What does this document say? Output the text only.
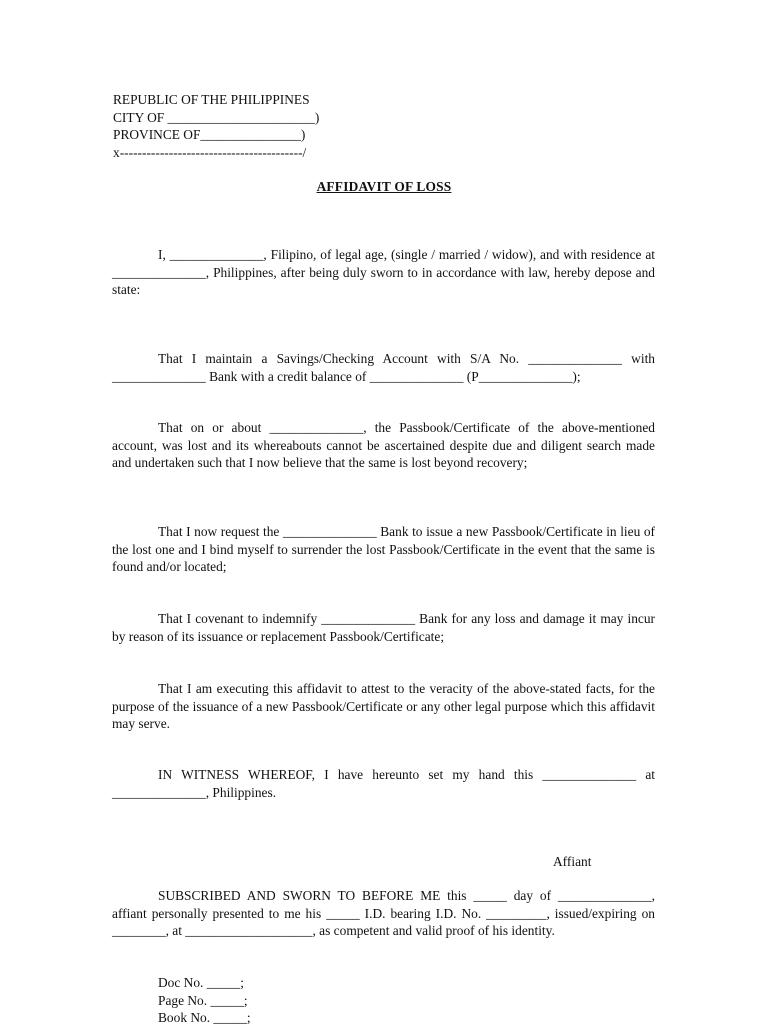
REPUBLIC OF THE PHILIPPINES
CITY OF ______________________)
PROVINCE OF_______________)
x-----------------------------------------/
AFFIDAVIT OF LOSS
I, ______________, Filipino, of legal age, (single / married / widow), and with residence at ______________, Philippines, after being duly sworn to in accordance with law, hereby depose and state:
That I maintain a Savings/Checking Account with S/A No. ______________ with ______________ Bank with a credit balance of ______________ (P______________);
That on or about ______________, the Passbook/Certificate of the above-mentioned account, was lost and its whereabouts cannot be ascertained despite due and diligent search made and undertaken such that I now believe that the same is lost beyond recovery;
That I now request the ______________ Bank to issue a new Passbook/Certificate in lieu of the lost one and I bind myself to surrender the lost Passbook/Certificate in the event that the same is found and/or located;
That I covenant to indemnify ______________ Bank for any loss and damage it may incur by reason of its issuance or replacement Passbook/Certificate;
That I am executing this affidavit to attest to the veracity of the above-stated facts, for the purpose of the issuance of a new Passbook/Certificate or any other legal purpose which this affidavit may serve.
IN WITNESS WHEREOF, I have hereunto set my hand this ______________ at ______________, Philippines.
Affiant
SUBSCRIBED AND SWORN TO BEFORE ME this _____ day of ______________, affiant personally presented to me his _____ I.D. bearing I.D. No. _________, issued/expiring on ________, at ___________________, as competent and valid proof of his identity.
Doc No. _____;
Page No. _____;
Book No. _____;
